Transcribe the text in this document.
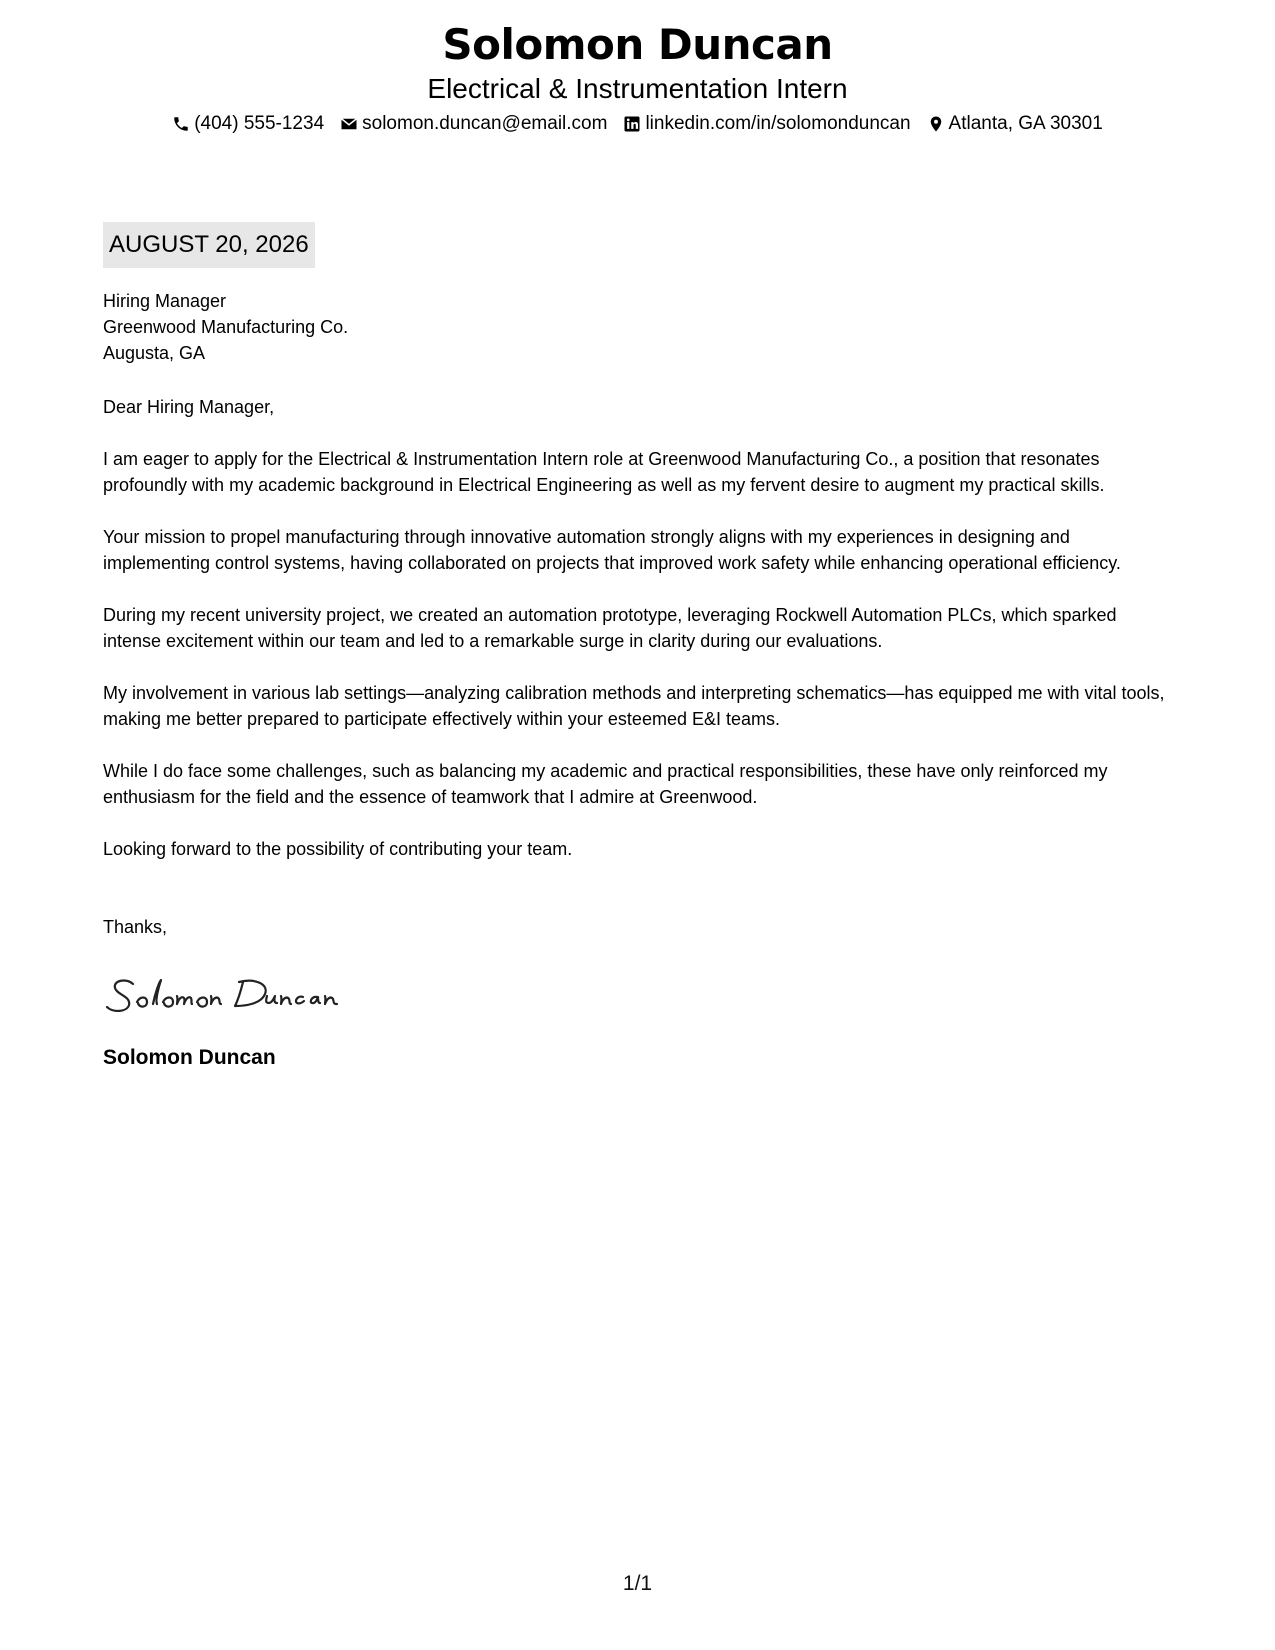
Solomon Duncan
Electrical & Instrumentation Intern
(404) 555-1234 solomon.duncan@email.com linkedin.com/in/solomonduncan Atlanta, GA 30301
AUGUST 20, 2026
Hiring Manager
Greenwood Manufacturing Co.
Augusta, GA
Dear Hiring Manager,
I am eager to apply for the Electrical & Instrumentation Intern role at Greenwood Manufacturing Co., a position that resonates profoundly with my academic background in Electrical Engineering as well as my fervent desire to augment my practical skills.
Your mission to propel manufacturing through innovative automation strongly aligns with my experiences in designing and implementing control systems, having collaborated on projects that improved work safety while enhancing operational efficiency.
During my recent university project, we created an automation prototype, leveraging Rockwell Automation PLCs, which sparked intense excitement within our team and led to a remarkable surge in clarity during our evaluations.
My involvement in various lab settings—analyzing calibration methods and interpreting schematics—has equipped me with vital tools, making me better prepared to participate effectively within your esteemed E&I teams.
While I do face some challenges, such as balancing my academic and practical responsibilities, these have only reinforced my enthusiasm for the field and the essence of teamwork that I admire at Greenwood.
Looking forward to the possibility of contributing your team.
Thanks,
Solomon Duncan
1/1
